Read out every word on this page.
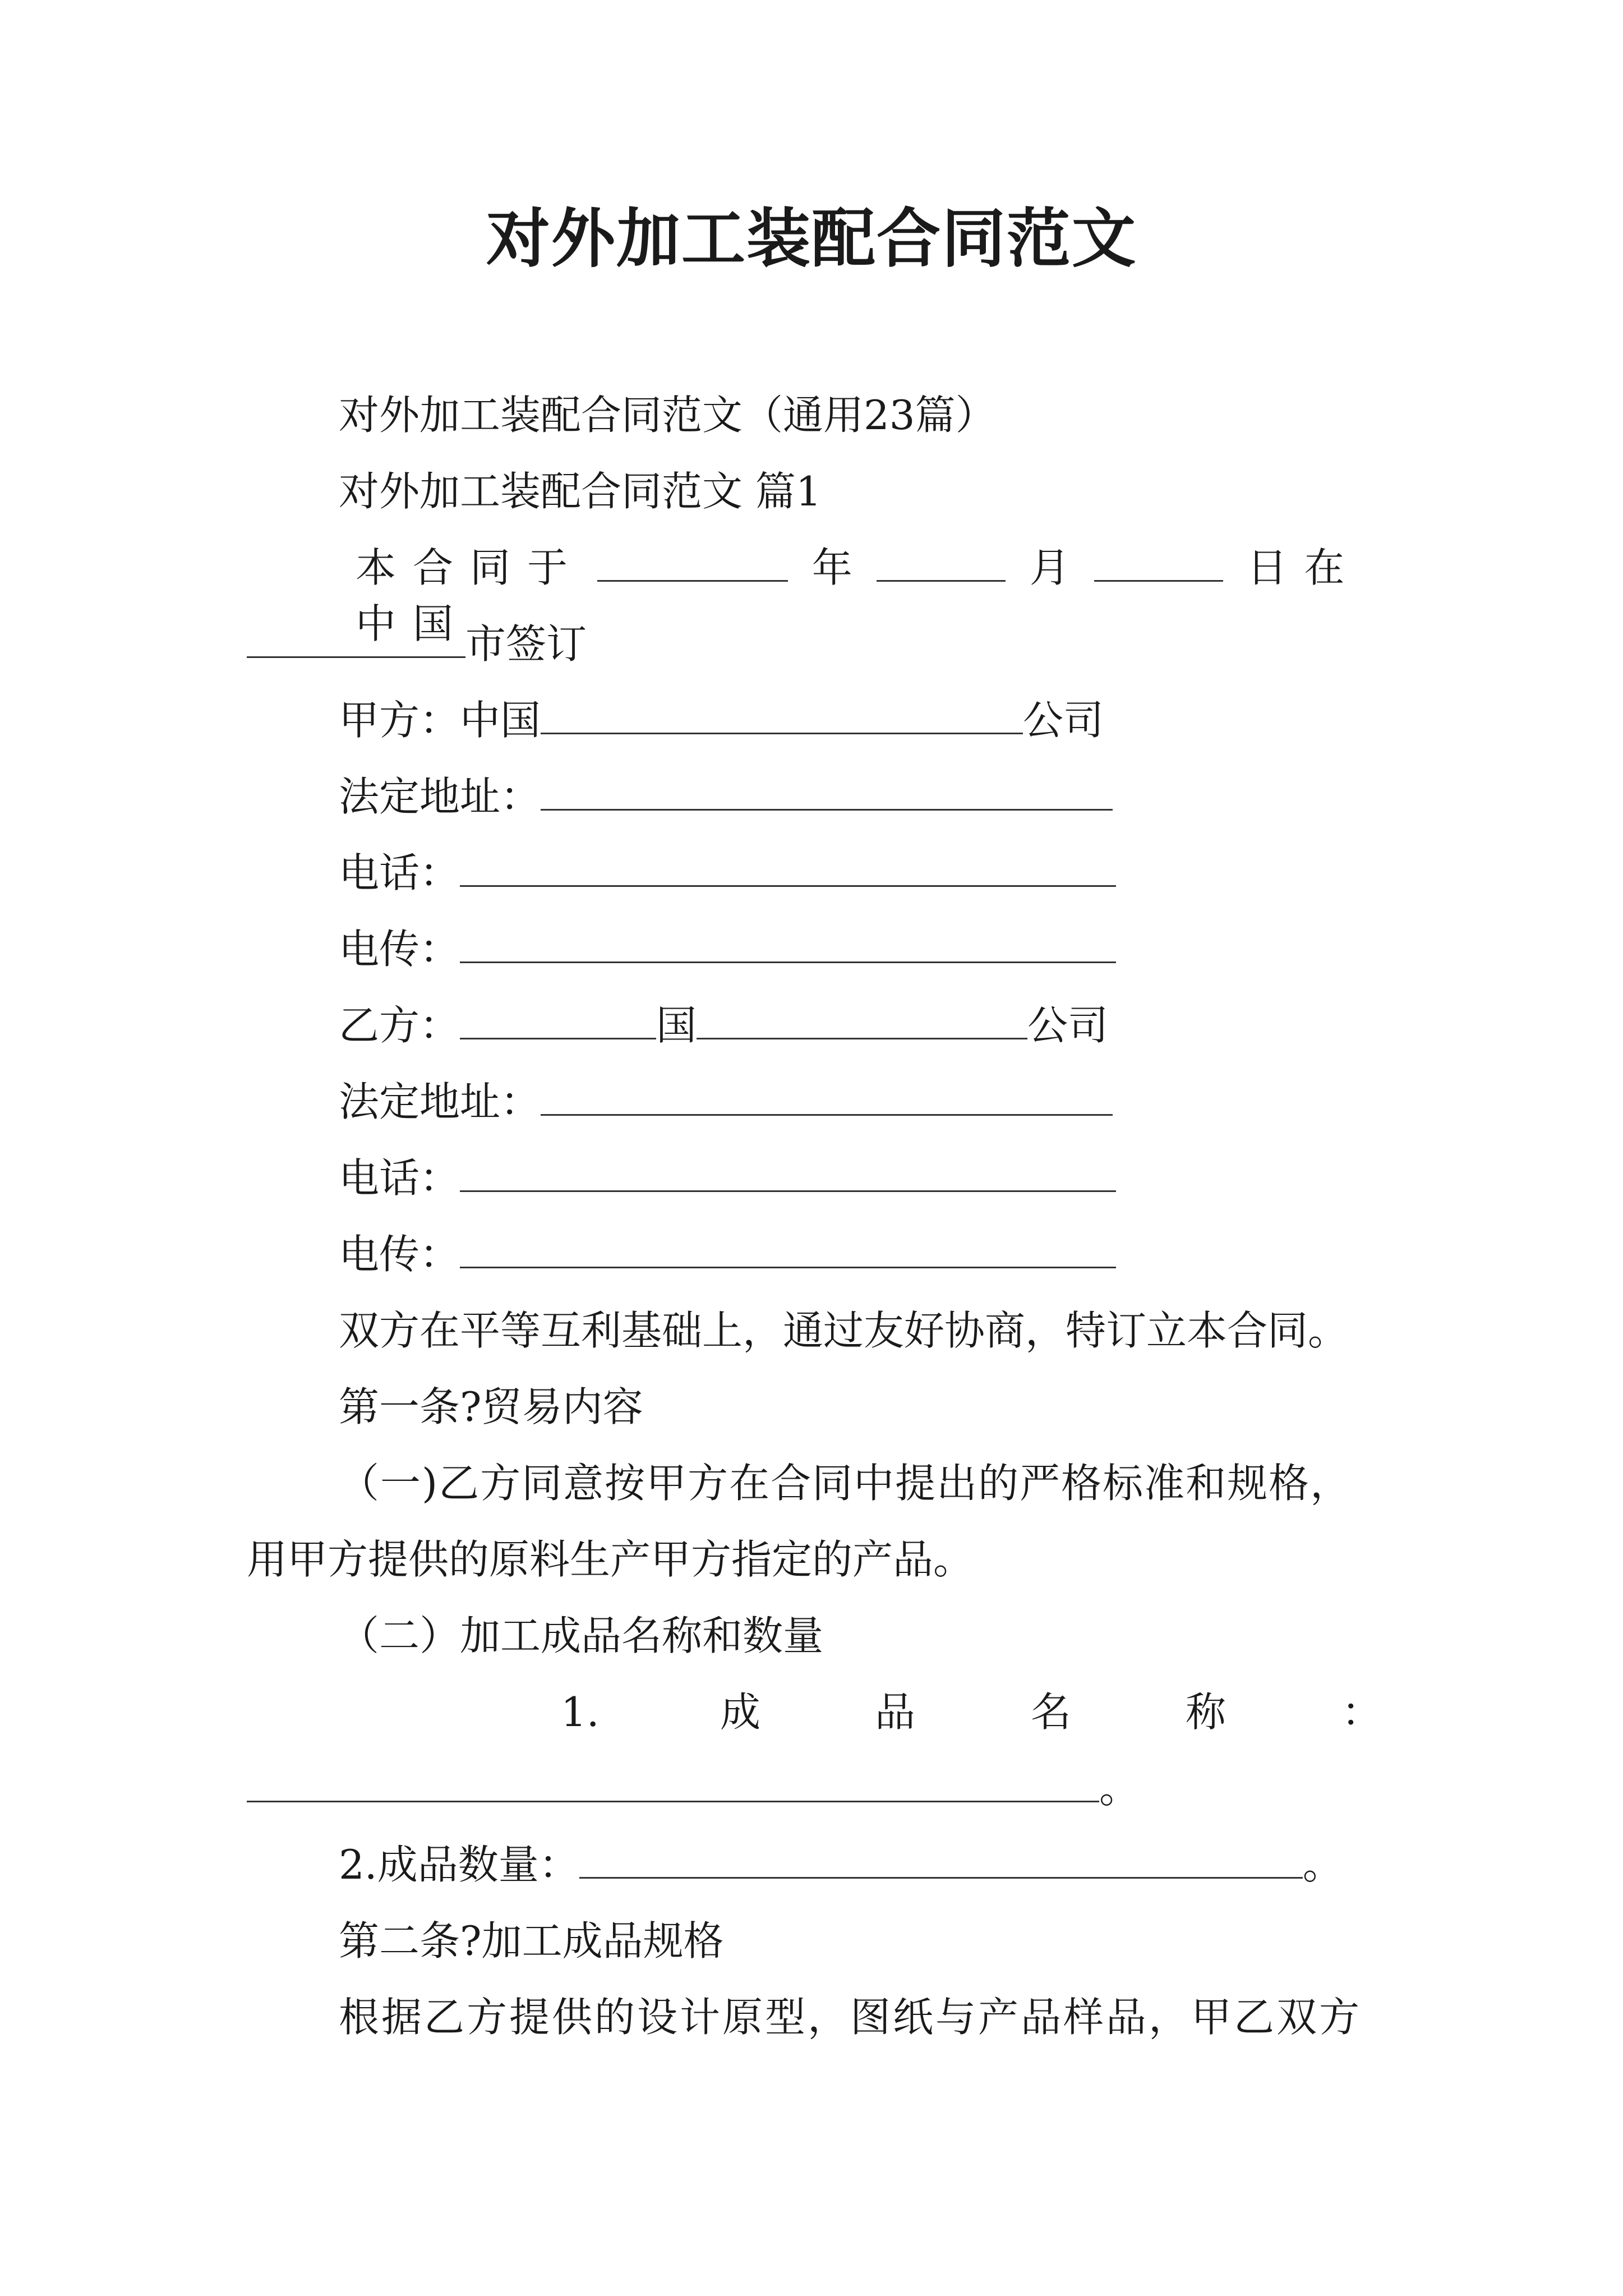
对外加工装配合同范文
对外加工装配合同范文（通用23篇）
对外加工装配合同范文 篇1
本合同于	年	月	日在中国
市签订
甲方：中国	公司
法定地址：
电话：
电传：
乙方：	国	公司
法定地址：
电话：
电传：
双方在平等互利基础上，通过友好协商，特订立本合同。
第一条?贸易内容
（一)乙方同意按甲方在合同中提出的严格标准和规格，
用甲方提供的原料生产甲方指定的产品。
（二）加工成品名称和数量
1.	成	品	名	称	：
。
2.成品数量：	。
第二条?加工成品规格
根据乙方提供的设计原型，图纸与产品样品，甲乙双方
